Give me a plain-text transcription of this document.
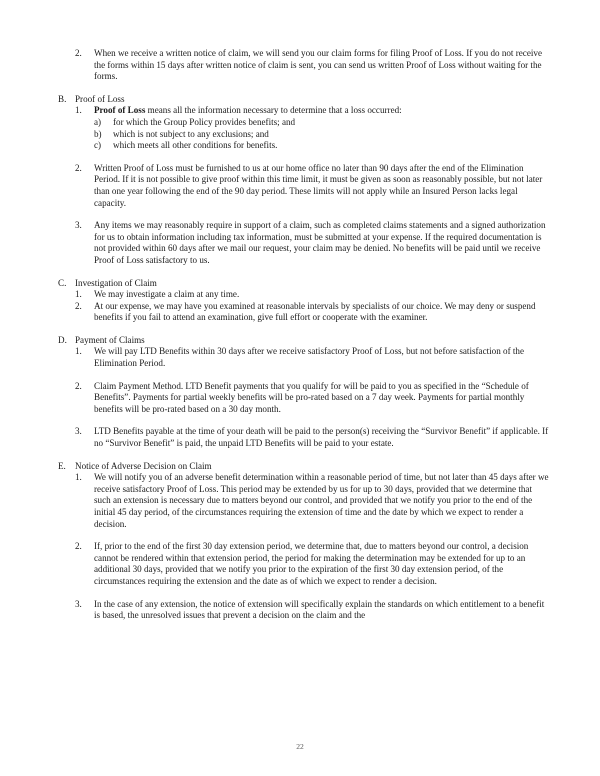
2.	When we receive a written notice of claim, we will send you our claim forms for filing Proof of Loss. If you do not receive the forms within 15 days after written notice of claim is sent, you can send us written Proof of Loss without waiting for the forms.
B. Proof of Loss
1.	Proof of Loss means all the information necessary to determine that a loss occurred:
a)	for which the Group Policy provides benefits; and
b)	which is not subject to any exclusions; and
c)	which meets all other conditions for benefits.
2.	Written Proof of Loss must be furnished to us at our home office no later than 90 days after the end of the Elimination Period. If it is not possible to give proof within this time limit, it must be given as soon as reasonably possible, but not later than one year following the end of the 90 day period. These limits will not apply while an Insured Person lacks legal capacity.
3.	Any items we may reasonably require in support of a claim, such as completed claims statements and a signed authorization for us to obtain information including tax information, must be submitted at your expense. If the required documentation is not provided within 60 days after we mail our request, your claim may be denied. No benefits will be paid until we receive Proof of Loss satisfactory to us.
C. Investigation of Claim
1.	We may investigate a claim at any time.
2.	At our expense, we may have you examined at reasonable intervals by specialists of our choice. We may deny or suspend benefits if you fail to attend an examination, give full effort or cooperate with the examiner.
D. Payment of Claims
1.	We will pay LTD Benefits within 30 days after we receive satisfactory Proof of Loss, but not before satisfaction of the Elimination Period.
2.	Claim Payment Method. LTD Benefit payments that you qualify for will be paid to you as specified in the “Schedule of Benefits”. Payments for partial weekly benefits will be pro-rated based on a 7 day week. Payments for partial monthly benefits will be pro-rated based on a 30 day month.
3.	LTD Benefits payable at the time of your death will be paid to the person(s) receiving the “Survivor Benefit” if applicable. If no “Survivor Benefit” is paid, the unpaid LTD Benefits will be paid to your estate.
E.	Notice of Adverse Decision on Claim
1.	We will notify you of an adverse benefit determination within a reasonable period of time, but not later than 45 days after we receive satisfactory Proof of Loss. This period may be extended by us for up to 30 days, provided that we determine that such an extension is necessary due to matters beyond our control, and provided that we notify you prior to the end of the initial 45 day period, of the circumstances requiring the extension of time and the date by which we expect to render a decision.
2.	If, prior to the end of the first 30 day extension period, we determine that, due to matters beyond our control, a decision cannot be rendered within that extension period, the period for making the determination may be extended for up to an additional 30 days, provided that we notify you prior to the expiration of the first 30 day extension period, of the circumstances requiring the extension and the date as of which we expect to render a decision.
3.	In the case of any extension, the notice of extension will specifically explain the standards on which entitlement to a benefit is based, the unresolved issues that prevent a decision on the claim and the
22
